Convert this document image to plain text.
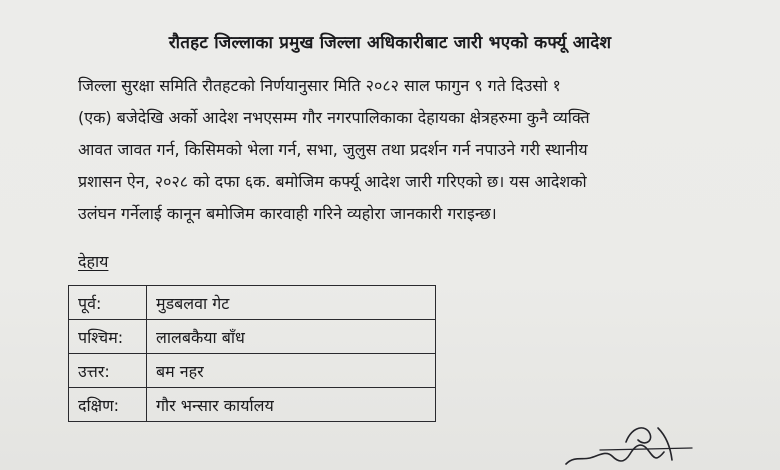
रौतहट जिल्लाका प्रमुख जिल्ला अधिकारीबाट जारी भएको कर्फ्यू आदेश
जिल्ला सुरक्षा समिति रौतहटको निर्णयानुसार मिति २०८२ साल फागुन ९ गते दिउसो १
(एक) बजेदेखि अर्को आदेश नभएसम्म गौर नगरपालिकाका देहायका क्षेत्रहरुमा कुनै व्यक्ति
आवत जावत गर्न, किसिमको भेला गर्न, सभा, जुलुस तथा प्रदर्शन गर्न नपाउने गरी स्थानीय
प्रशासन ऐन, २०२८ को दफा ६क. बमोजिम कर्फ्यू आदेश जारी गरिएको छ। यस आदेशको
उलंघन गर्नेलाई कानून बमोजिम कारवाही गरिने व्यहोरा जानकारी गराइन्छ।
देहाय
पूर्व:	मुडबलवा गेट
पश्चिम:	लालबकैया बाँध
उत्तर:	बम नहर
दक्षिण:	गौर भन्सार कार्यालय
